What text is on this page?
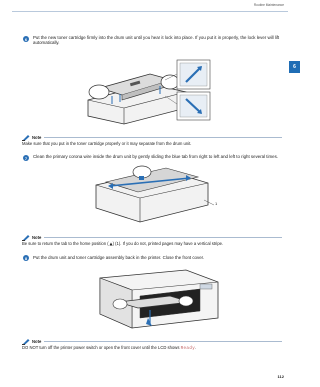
Routine Maintenance
6
6	Put the new toner cartridge firmly into the drum unit until you hear it lock into place. If you put it in properly, the lock lever will lift automatically.
Note
Make sure that you put in the toner cartridge properly or it may separate from the drum unit.
7	Clean the primary corona wire inside the drum unit by gently sliding the blue tab from right to left and left to right several times.
1
Note
Be sure to return the tab to the home position ( ) (1). If you do not, printed pages may have a vertical stripe.
8	Put the drum unit and toner cartridge assembly back in the printer. Close the front cover.
Note
DO NOT turn off the printer power switch or open the front cover until the LCD shows Ready.
112
